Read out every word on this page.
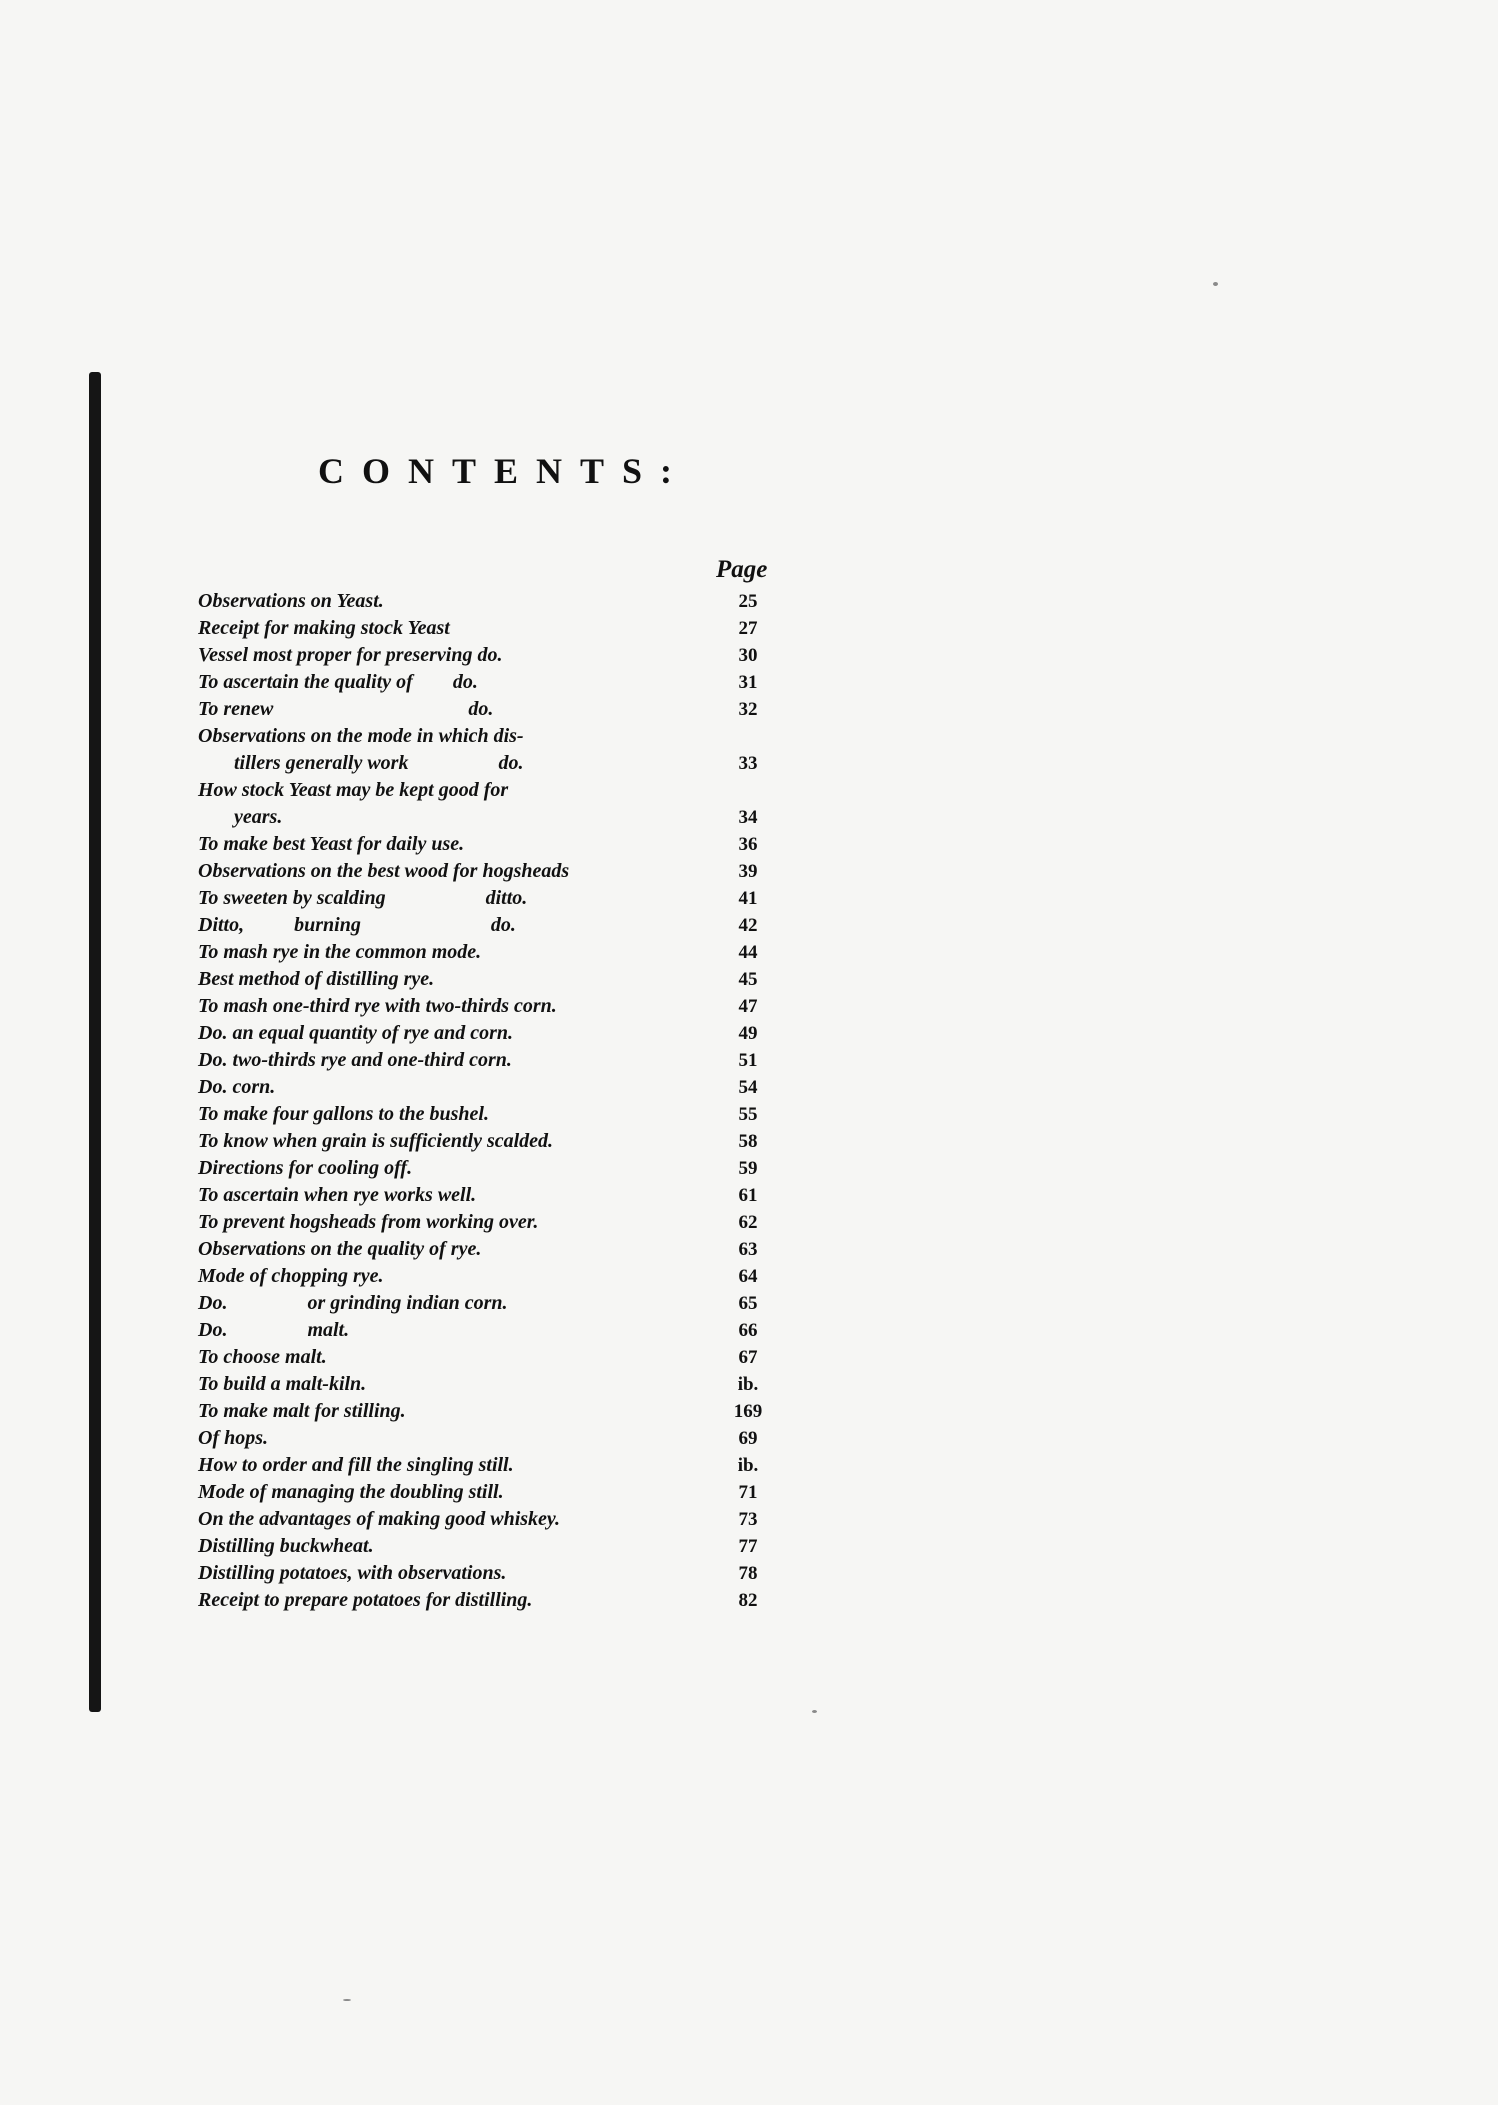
CONTENTS:
Page
Observations on Yeast.	25
Receipt for making stock Yeast	27
Vessel most proper for preserving do.	30
To ascertain the quality of        do.	31
To renew                                       do.	32
Observations on the mode in which dis-
tillers generally work                  do.	33
How stock Yeast may be kept good for
years.	34
To make best Yeast for daily use.	36
Observations on the best wood for hogsheads	39
To sweeten by scalding                    ditto.	41
Ditto,          burning                          do.	42
To mash rye in the common mode.	44
Best method of distilling rye.	45
To mash one-third rye with two-thirds corn.	47
Do. an equal quantity of rye and corn.	49
Do. two-thirds rye and one-third corn.	51
Do. corn.	54
To make four gallons to the bushel.	55
To know when grain is sufficiently scalded.	58
Directions for cooling off.	59
To ascertain when rye works well.	61
To prevent hogsheads from working over.	62
Observations on the quality of rye.	63
Mode of chopping rye.	64
Do.                or grinding indian corn.	65
Do.                malt.	66
To choose malt.	67
To build a malt-kiln.	ib.
To make malt for stilling.	169
Of hops.	69
How to order and fill the singling still.	ib.
Mode of managing the doubling still.	71
On the advantages of making good whiskey.	73
Distilling buckwheat.	77
Distilling potatoes, with observations.	78
Receipt to prepare potatoes for distilling.	82
